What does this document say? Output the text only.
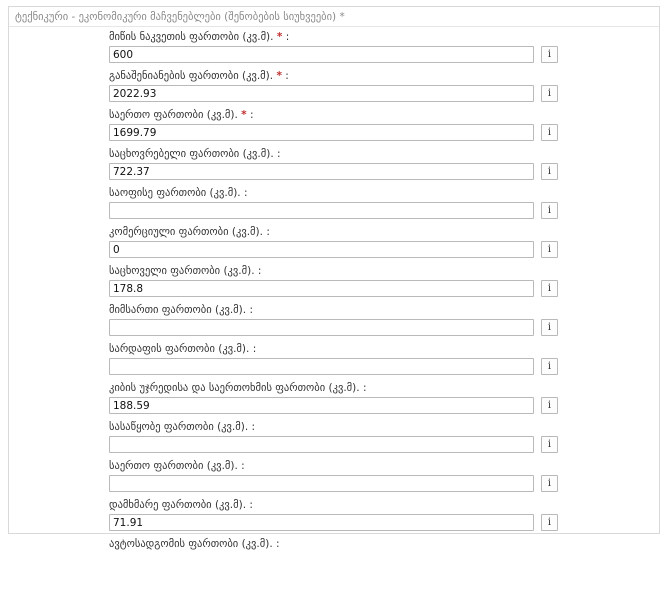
ტექნიკური - ეკონომიკური მაჩვენებლები (შენობების სიუხვეები) *
მიწის ნაკვეთის ფართობი (კვ.მ). * :
600
i
განაშენიანების ფართობი (კვ.მ). * :
2022.93
i
საერთო ფართობი (კვ.მ). * :
1699.79
i
საცხოვრებელი ფართობი (კვ.მ). :
722.37
i
საოფისე ფართობი (კვ.მ). :
i
კომერციული ფართობი (კვ.მ). :
0
i
საცხოველი ფართობი (კვ.მ). :
178.8
i
მიმსართი ფართობი (კვ.მ). :
i
სარდაფის ფართობი (კვ.მ). :
i
კიბის უჯრედისა და საერთოხმის ფართობი (კვ.მ). :
188.59
i
სასაწყობე ფართობი (კვ.მ). :
i
საერთო ფართობი (კვ.მ). :
i
დამხმარე ფართობი (კვ.მ). :
71.91
i
ავტოსადგომის ფართობი (კვ.მ). :
